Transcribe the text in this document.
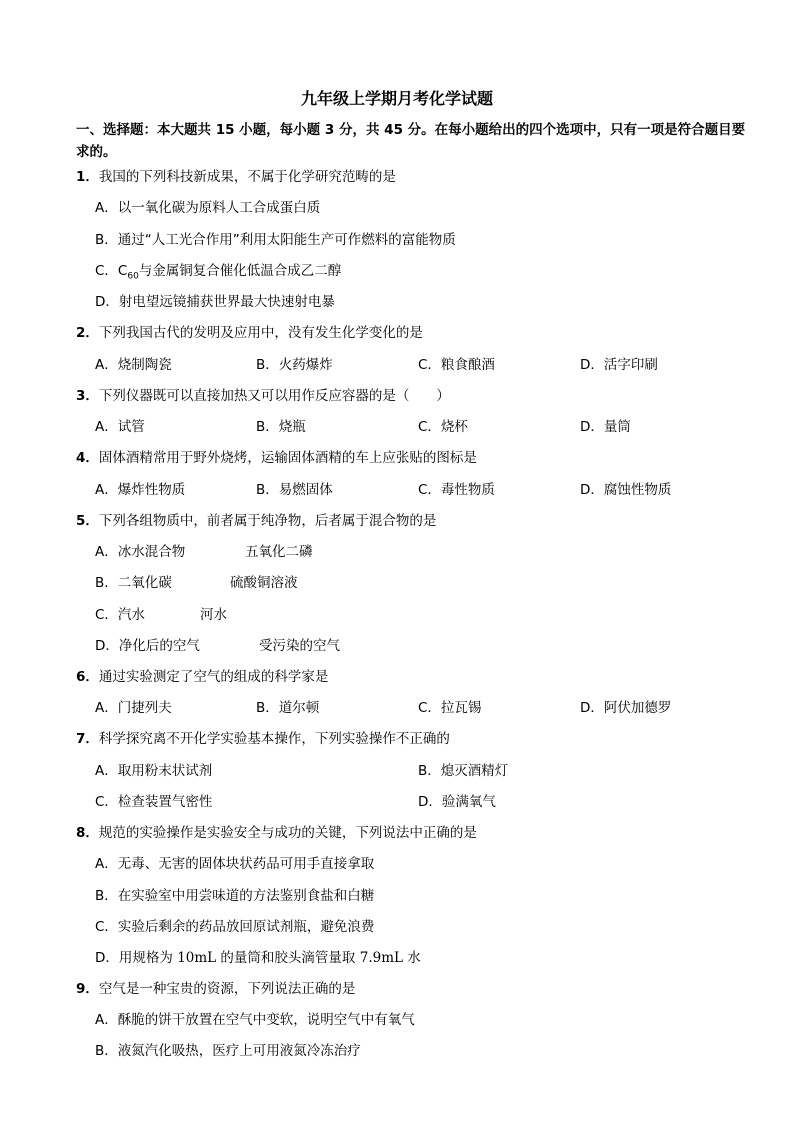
九年级上学期月考化学试题
一、选择题：本大题共 15 小题，每小题 3 分，共 45 分。在每小题给出的四个选项中，只有一项是符合题目要求的。
1．我国的下列科技新成果，不属于化学研究范畴的是
A．以一氧化碳为原料人工合成蛋白质
B．通过“人工光合作用”利用太阳能生产可作燃料的富能物质
C．$C_{60}$与金属铜复合催化低温合成乙二醇
D．射电望远镜捕获世界最大快速射电暴
2．下列我国古代的发明及应用中，没有发生化学变化的是
A．烧制陶瓷	B．火药爆炸	C．粮食酿酒	D．活字印刷
3．下列仪器既可以直接加热又可以用作反应容器的是（　　）
A．试管	B．烧瓶	C．烧杯	D．量筒
4．固体酒精常用于野外烧烤，运输固体酒精的车上应张贴的图标是
A．爆炸性物质	B．易燃固体	C．毒性物质	D．腐蚀性物质
5．下列各组物质中，前者属于纯净物，后者属于混合物的是
A．冰水混合物	五氧化二磷
B．二氧化碳	硫酸铜溶液
C．汽水	河水
D．净化后的空气	受污染的空气
6．通过实验测定了空气的组成的科学家是
A．门捷列夫	B．道尔顿	C．拉瓦锡	D．阿伏加德罗
7．科学探究离不开化学实验基本操作，下列实验操作不正确的
A．取用粉末状试剂	B．熄灭酒精灯
C．检查装置气密性	D．验满氧气
8．规范的实验操作是实验安全与成功的关键，下列说法中正确的是
A．无毒、无害的固体块状药品可用手直接拿取
B．在实验室中用尝味道的方法鉴别食盐和白糖
C．实验后剩余的药品放回原试剂瓶，避免浪费
D．用规格为 10mL 的量筒和胶头滴管量取 7.9mL 水
9．空气是一种宝贵的资源，下列说法正确的是
A．酥脆的饼干放置在空气中变软，说明空气中有氧气
B．液氮汽化吸热，医疗上可用液氮冷冻治疗
